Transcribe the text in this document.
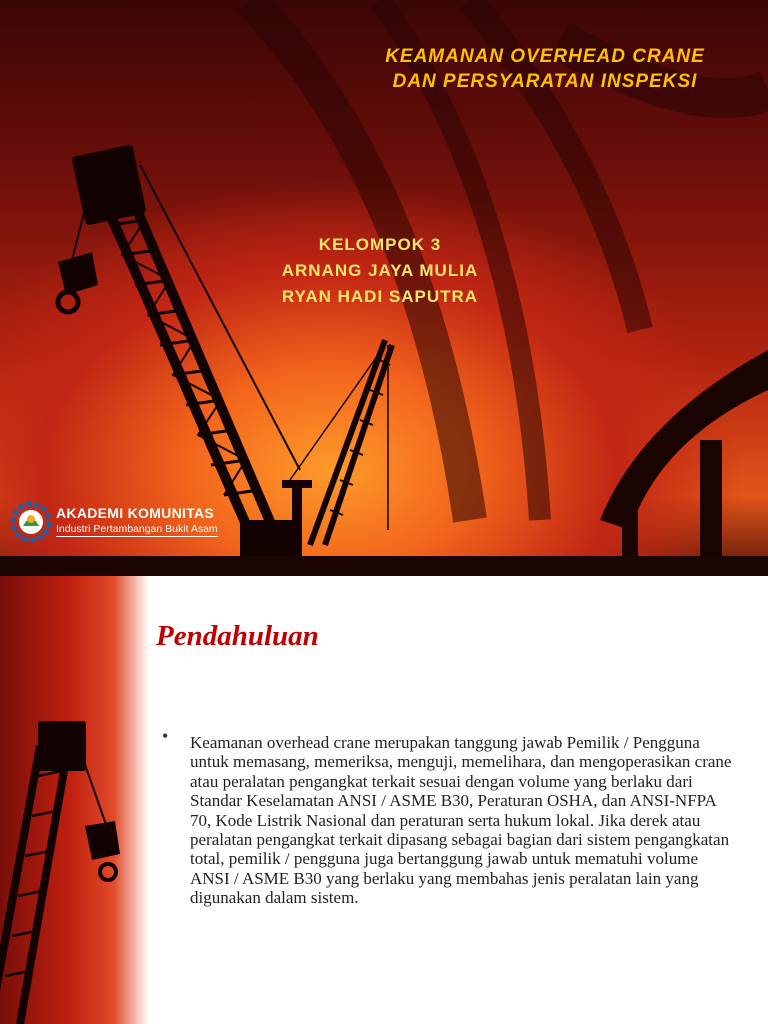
KEAMANAN OVERHEAD CRANE
DAN PERSYARATAN INSPEKSI
KELOMPOK 3
ARNANG JAYA MULIA
RYAN HADI SAPUTRA
AKADEMI KOMUNITAS
Industri Pertambangan Bukit Asam
Pendahuluan
• Keamanan overhead crane merupakan tanggung jawab Pemilik / Pengguna untuk memasang, memeriksa, menguji, memelihara, dan mengoperasikan crane atau peralatan pengangkat terkait sesuai dengan volume yang berlaku dari Standar Keselamatan ANSI / ASME B30, Peraturan OSHA, dan ANSI-NFPA 70, Kode Listrik Nasional dan peraturan serta hukum lokal. Jika derek atau peralatan pengangkat terkait dipasang sebagai bagian dari sistem pengangkatan total, pemilik / pengguna juga bertanggung jawab untuk mematuhi volume ANSI / ASME B30 yang berlaku yang membahas jenis peralatan lain yang digunakan dalam sistem.
